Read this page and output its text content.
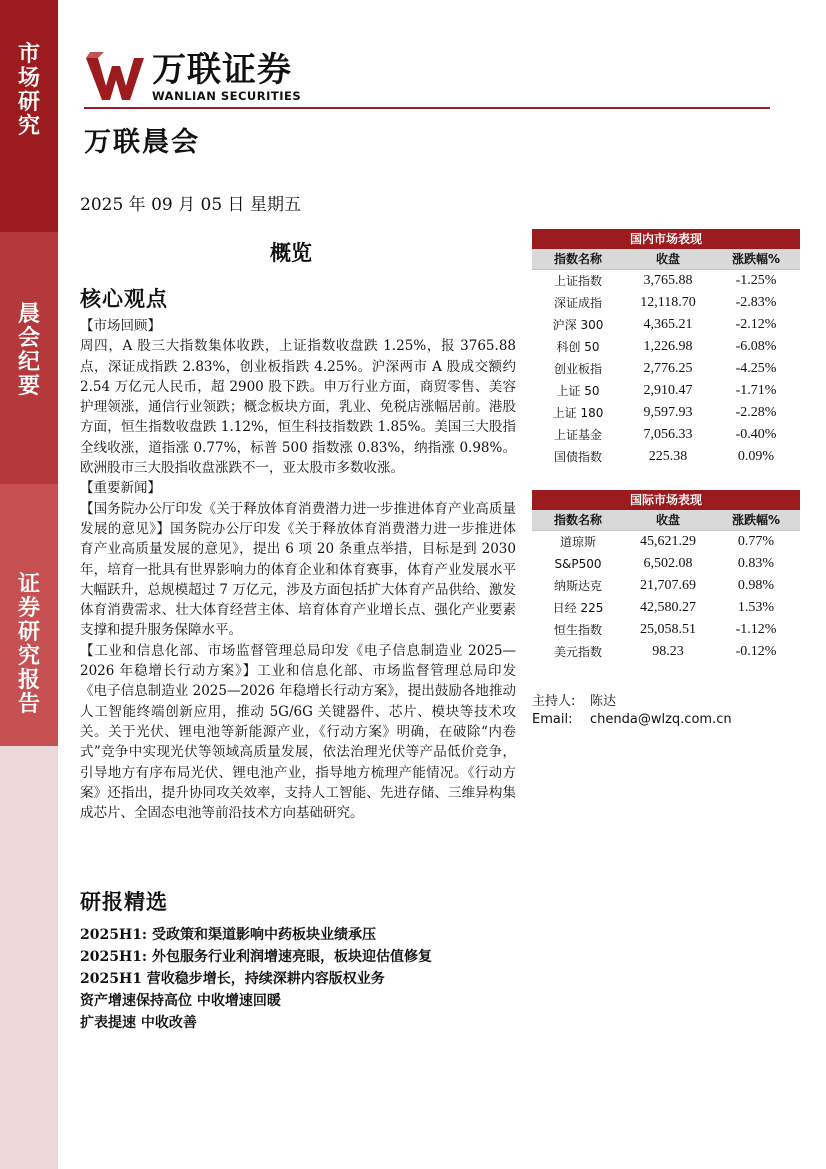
市
场
研
究
晨
会
纪
要
证
券
研
究
报
告
万联证券
WANLIAN SECURITIES
万联晨会
2025 年 09 月 05 日 星期五
概览
核心观点

【市场回顾】

周四，A 股三大指数集体收跌，上证指数收盘跌 1.25%，报 3765.88 点，深证成指跌 2.83%，创业板指跌 4.25%。沪深两市 A 股成交额约 2.54 万亿元人民币，超 2900 股下跌。申万行业方面，商贸零售、美容护理领涨，通信行业领跌；概念板块方面，乳业、免税店涨幅居前。港股方面，恒生指数收盘跌 1.12%，恒生科技指数跌 1.85%。美国三大股指全线收涨，道指涨 0.77%，标普 500 指数涨 0.83%，纳指涨 0.98%。欧洲股市三大股指收盘涨跌不一，亚太股市多数收涨。

【重要新闻】

【国务院办公厅印发《关于释放体育消费潜力进一步推进体育产业高质量发展的意见》】国务院办公厅印发《关于释放体育消费潜力进一步推进体育产业高质量发展的意见》，提出 6 项 20 条重点举措，目标是到 2030 年，培育一批具有世界影响力的体育企业和体育赛事，体育产业发展水平大幅跃升，总规模超过 7 万亿元，涉及方面包括扩大体育产品供给、激发体育消费需求、壮大体育经营主体、培育体育产业增长点、强化产业要素支撑和提升服务保障水平。

【工业和信息化部、市场监督管理总局印发《电子信息制造业 2025—2026 年稳增长行动方案》】工业和信息化部、市场监督管理总局印发《电子信息制造业 2025—2026 年稳增长行动方案》，提出鼓励各地推动人工智能终端创新应用，推动 5G/6G 关键器件、芯片、模块等技术攻关。关于光伏、锂电池等新能源产业，《行动方案》明确，在破除“内卷式”竞争中实现光伏等领域高质量发展，依法治理光伏等产品低价竞争，引导地方有序布局光伏、锂电池产业，指导地方梳理产能情况。《行动方案》还指出，提升协同攻关效率，支持人工智能、先进存储、三维异构集成芯片、全固态电池等前沿技术方向基础研究。

国内市场表现
指数名称	收盘	涨跌幅%
上证指数	3,765.88	-1.25%
深证成指	12,118.70	-2.83%
沪深 300	4,365.21	-2.12%
科创 50	1,226.98	-6.08%
创业板指	2,776.25	-4.25%
上证 50	2,910.47	-1.71%
上证 180	9,597.93	-2.28%
上证基金	7,056.33	-0.40%
国债指数	225.38	0.09%
国际市场表现
指数名称	收盘	涨跌幅%
道琼斯	45,621.29	0.77%
S&P500	6,502.08	0.83%
纳斯达克	21,707.69	0.98%
日经 225	42,580.27	1.53%
恒生指数	25,058.51	-1.12%
美元指数	98.23	-0.12%
主持人: 陈达
Email: chenda@wlzq.com.cn
研报精选
2025H1: 受政策和渠道影响中药板块业绩承压
2025H1: 外包服务行业利润增速亮眼，板块迎估值修复
2025H1 营收稳步增长，持续深耕内容版权业务
资产增速保持高位 中收增速回暖
扩表提速 中收改善
